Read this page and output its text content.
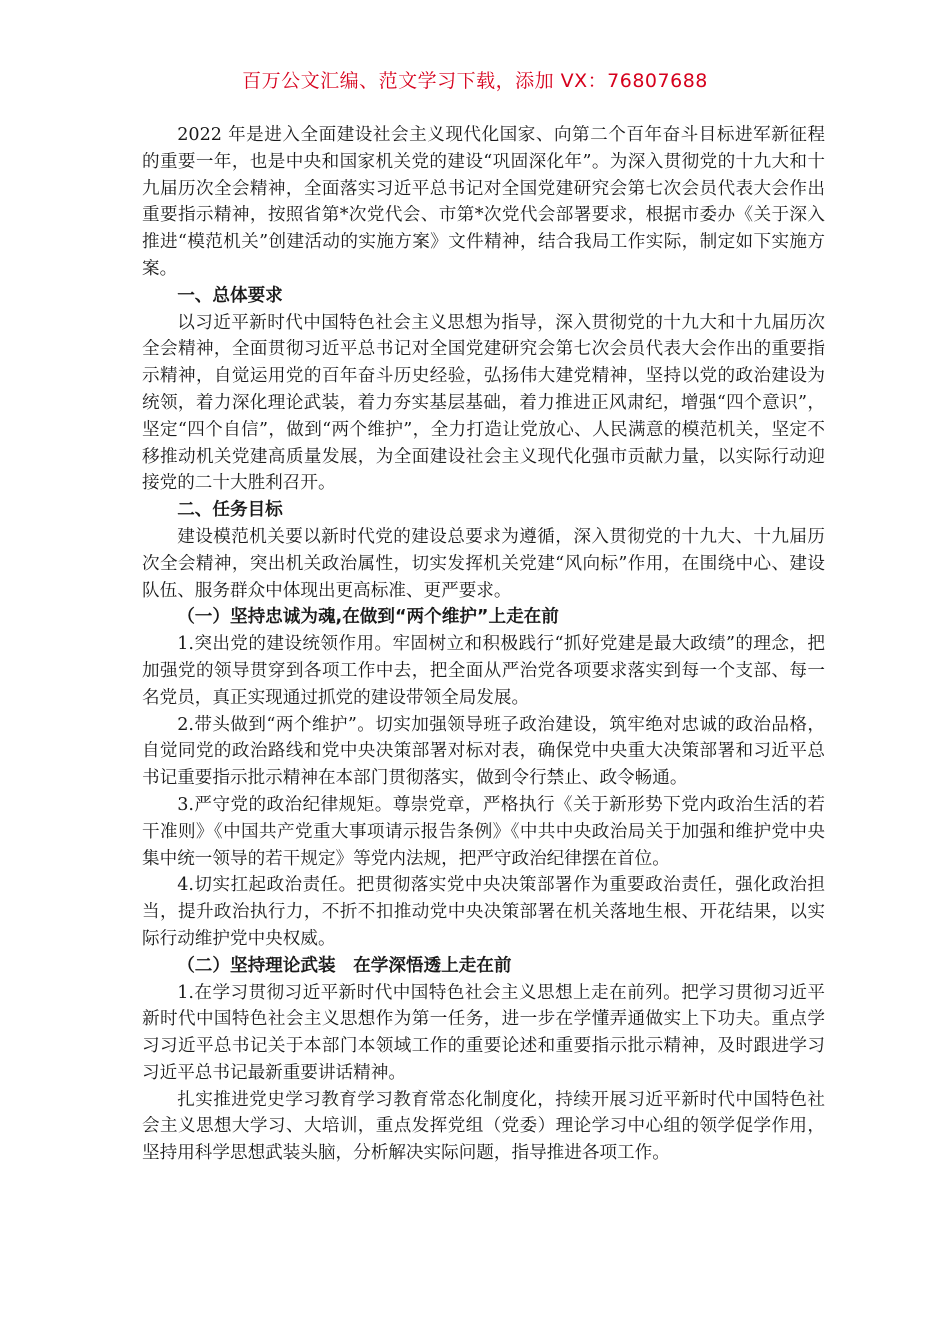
百万公文汇编、范文学习下载，添加 VX：76807688

2022 年是进入全面建设社会主义现代化国家、向第二个百年奋斗目标进军新征程的重要一年，也是中央和国家机关党的建设“巩固深化年”。为深入贯彻党的十九大和十九届历次全会精神，全面落实习近平总书记对全国党建研究会第七次会员代表大会作出重要指示精神，按照省第*次党代会、市第*次党代会部署要求，根据市委办《关于深入推进“模范机关”创建活动的实施方案》文件精神，结合我局工作实际，制定如下实施方案。

一、总体要求

以习近平新时代中国特色社会主义思想为指导，深入贯彻党的十九大和十九届历次全会精神，全面贯彻习近平总书记对全国党建研究会第七次会员代表大会作出的重要指示精神，自觉运用党的百年奋斗历史经验，弘扬伟大建党精神，坚持以党的政治建设为统领，着力深化理论武装，着力夯实基层基础，着力推进正风肃纪，增强“四个意识”，坚定“四个自信”，做到“两个维护”，全力打造让党放心、人民满意的模范机关，坚定不移推动机关党建高质量发展，为全面建设社会主义现代化强市贡献力量，以实际行动迎接党的二十大胜利召开。

二、任务目标

建设模范机关要以新时代党的建设总要求为遵循，深入贯彻党的十九大、十九届历次全会精神，突出机关政治属性，切实发挥机关党建“风向标”作用，在围绕中心、建设队伍、服务群众中体现出更高标准、更严要求。

（一）坚持忠诚为魂,在做到“两个维护”上走在前

1.突出党的建设统领作用。牢固树立和积极践行“抓好党建是最大政绩”的理念，把加强党的领导贯穿到各项工作中去，把全面从严治党各项要求落实到每一个支部、每一名党员，真正实现通过抓党的建设带领全局发展。

2.带头做到“两个维护”。切实加强领导班子政治建设，筑牢绝对忠诚的政治品格，自觉同党的政治路线和党中央决策部署对标对表，确保党中央重大决策部署和习近平总书记重要指示批示精神在本部门贯彻落实，做到令行禁止、政令畅通。

3.严守党的政治纪律规矩。尊崇党章，严格执行《关于新形势下党内政治生活的若干准则》《中国共产党重大事项请示报告条例》《中共中央政治局关于加强和维护党中央集中统一领导的若干规定》等党内法规，把严守政治纪律摆在首位。

4.切实扛起政治责任。把贯彻落实党中央决策部署作为重要政治责任，强化政治担当，提升政治执行力，不折不扣推动党中央决策部署在机关落地生根、开花结果，以实际行动维护党中央权威。

（二）坚持理论武装　在学深悟透上走在前

1.在学习贯彻习近平新时代中国特色社会主义思想上走在前列。把学习贯彻习近平新时代中国特色社会主义思想作为第一任务，进一步在学懂弄通做实上下功夫。重点学习习近平总书记关于本部门本领域工作的重要论述和重要指示批示精神，及时跟进学习习近平总书记最新重要讲话精神。

扎实推进党史学习教育学习教育常态化制度化，持续开展习近平新时代中国特色社会主义思想大学习、大培训，重点发挥党组（党委）理论学习中心组的领学促学作用，坚持用科学思想武装头脑，分析解决实际问题，指导推进各项工作。
